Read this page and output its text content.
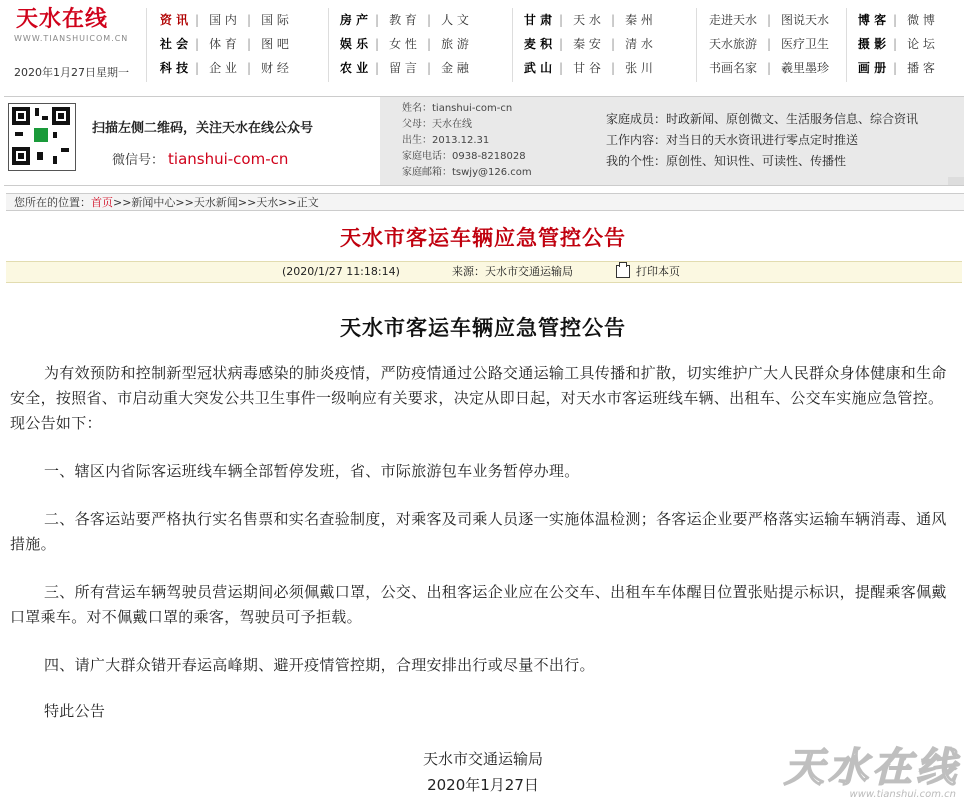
天水在线
WWW.TIANSHUICOM.CN
2020年1月27日星期一
资 讯 | 国 内 | 国 际
社 会 | 体 育 | 图 吧
科 技 | 企 业 | 财 经
房 产 | 教 育 | 人 文
娱 乐 | 女 性 | 旅 游
农 业 | 留 言 | 金 融
甘 肃 | 天 水 | 秦 州
麦 积 | 秦 安 | 清 水
武 山 | 甘 谷 | 张 川
走进天水 | 图说天水
天水旅游 | 医疗卫生
书画名家 | 羲里墨珍
博 客 | 微 博
摄 影 | 论 坛
画 册 | 播 客
扫描左侧二维码，关注天水在线公众号
微信号： tianshui-com-cn
姓名：tianshui-com-cn
父母：天水在线
出生：2013.12.31
家庭电话：0938-8218028
家庭邮箱：tswjy@126.com
家庭成员：时政新闻、原创微文、生活服务信息、综合资讯
工作内容：对当日的天水资讯进行零点定时推送
我的个性：原创性、知识性、可读性、传播性
您所在的位置：首页>>新闻中心>>天水新闻>>天水>>正文
天水市客运车辆应急管控公告
(2020/1/27 11:18:14)	来源：天水市交通运输局	打印本页
天水市客运车辆应急管控公告
为有效预防和控制新型冠状病毒感染的肺炎疫情，严防疫情通过公路交通运输工具传播和扩散，切实维护广大人民群众身体健康和生命安全，按照省、市启动重大突发公共卫生事件一级响应有关要求，决定从即日起，对天水市客运班线车辆、出租车、公交车实施应急管控。现公告如下：
一、辖区内省际客运班线车辆全部暂停发班，省、市际旅游包车业务暂停办理。
二、各客运站要严格执行实名售票和实名查验制度，对乘客及司乘人员逐一实施体温检测；各客运企业要严格落实运输车辆消毒、通风措施。
三、所有营运车辆驾驶员营运期间必须佩戴口罩，公交、出租客运企业应在公交车、出租车车体醒目位置张贴提示标识，提醒乘客佩戴口罩乘车。对不佩戴口罩的乘客，驾驶员可予拒载。
四、请广大群众错开春运高峰期、避开疫情管控期，合理安排出行或尽量不出行。
特此公告
天水市交通运输局
2020年1月27日	天水在线
www.tianshui.com.cn
